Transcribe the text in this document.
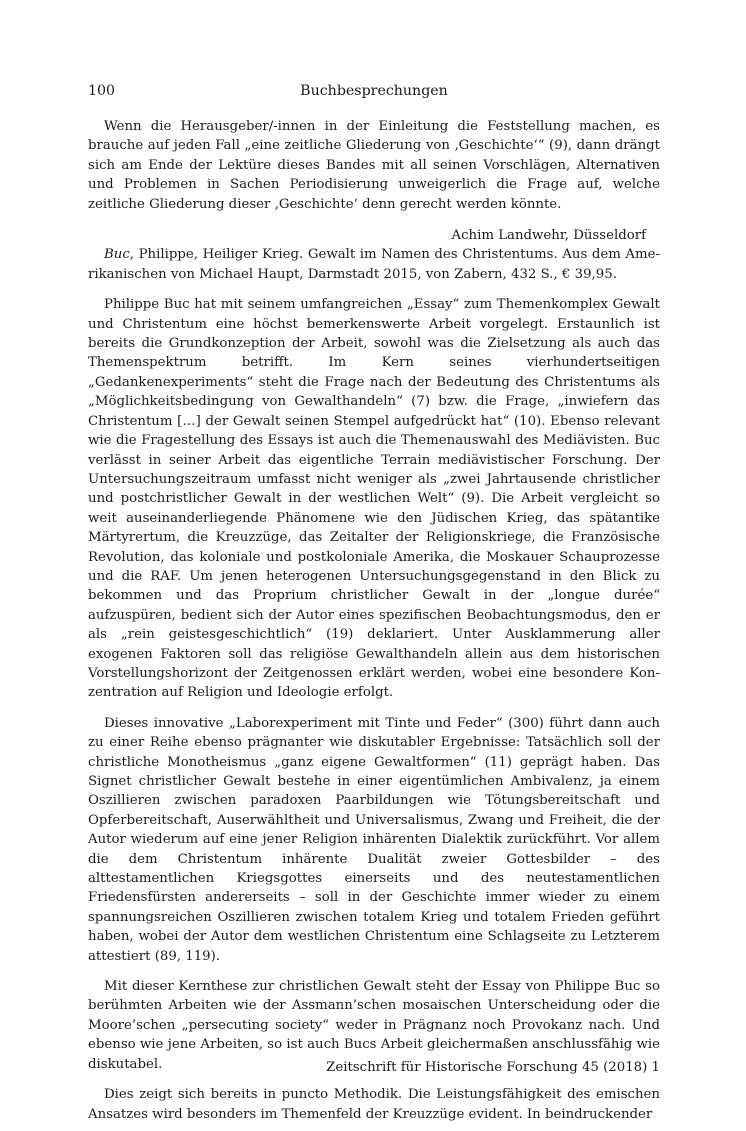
100	Buchbesprechungen

Wenn die Herausgeber/-innen in der Einleitung die Feststellung machen, es brauche auf jeden Fall „eine zeitliche Gliederung von ‚Geschichte‘“ (9), dann drängt sich am Ende der Lektüre dieses Bandes mit all seinen Vorschlägen, Alternativen und Problemen in Sachen Periodisierung unweigerlich die Frage auf, welche zeitliche Gliederung dieser ‚Geschichte‘ denn gerecht werden könnte.

Achim Landwehr, Düsseldorf

Buc, Philippe, Heiliger Krieg. Gewalt im Namen des Christentums. Aus dem Amerikanischen von Michael Haupt, Darmstadt 2015, von Zabern, 432 S., € 39,95.

Philippe Buc hat mit seinem umfangreichen „Essay“ zum Themenkomplex Gewalt und Christentum eine höchst bemerkenswerte Arbeit vorgelegt. Erstaunlich ist bereits die Grundkonzeption der Arbeit, sowohl was die Zielsetzung als auch das Themenspektrum betrifft. Im Kern seines vierhundertseitigen „Gedankenexperiments“ steht die Frage nach der Bedeutung des Christentums als „Möglichkeitsbedingung von Gewalthandeln“ (7) bzw. die Frage, „inwiefern das Christentum […] der Gewalt seinen Stempel aufgedrückt hat“ (10). Ebenso relevant wie die Fragestellung des Essays ist auch die Themenauswahl des Mediävisten. Buc verlässt in seiner Arbeit das eigentliche Terrain mediävistischer Forschung. Der Untersuchungszeitraum umfasst nicht weniger als „zwei Jahrtausende christlicher und postchristlicher Gewalt in der westlichen Welt“ (9). Die Arbeit vergleicht so weit auseinanderliegende Phänomene wie den Jüdischen Krieg, das spätantike Märtyrertum, die Kreuzzüge, das Zeitalter der Religionskriege, die Französische Revolution, das koloniale und postkoloniale Amerika, die Moskauer Schauprozesse und die RAF. Um jenen heterogenen Untersuchungsgegenstand in den Blick zu bekommen und das Proprium christlicher Gewalt in der „longue durée“ aufzuspüren, bedient sich der Autor eines spezifischen Beobachtungsmodus, den er als „rein geistesgeschichtlich“ (19) deklariert. Unter Ausklammerung aller exogenen Faktoren soll das religiöse Gewalthandeln allein aus dem historischen Vorstellungshorizont der Zeitgenossen erklärt werden, wobei eine besondere Konzentration auf Religion und Ideologie erfolgt.

Dieses innovative „Laborexperiment mit Tinte und Feder“ (300) führt dann auch zu einer Reihe ebenso prägnanter wie diskutabler Ergebnisse: Tatsächlich soll der christliche Monotheismus „ganz eigene Gewaltformen“ (11) geprägt haben. Das Signet christlicher Gewalt bestehe in einer eigentümlichen Ambivalenz, ja einem Oszillieren zwischen paradoxen Paarbildungen wie Tötungsbereitschaft und Opferbereitschaft, Auserwähltheit und Universalismus, Zwang und Freiheit, die der Autor wiederum auf eine jener Religion inhärenten Dialektik zurückführt. Vor allem die dem Christentum inhärente Dualität zweier Gottesbilder – des alttestamentlichen Kriegsgottes einerseits und des neutestamentlichen Friedensfürsten andererseits – soll in der Geschichte immer wieder zu einem spannungsreichen Oszillieren zwischen totalem Krieg und totalem Frieden geführt haben, wobei der Autor dem westlichen Christentum eine Schlagseite zu Letzterem attestiert (89, 119).

Mit dieser Kernthese zur christlichen Gewalt steht der Essay von Philippe Buc so berühmten Arbeiten wie der Assmann’schen mosaischen Unterscheidung oder die Moore’schen „persecuting society“ weder in Prägnanz noch Provokanz nach. Und ebenso wie jene Arbeiten, so ist auch Bucs Arbeit gleichermaßen anschlussfähig wie diskutabel.

Dies zeigt sich bereits in puncto Methodik. Die Leistungsfähigkeit des emischen Ansatzes wird besonders im Themenfeld der Kreuzzüge evident. In beindruckender

Zeitschrift für Historische Forschung 45 (2018) 1
